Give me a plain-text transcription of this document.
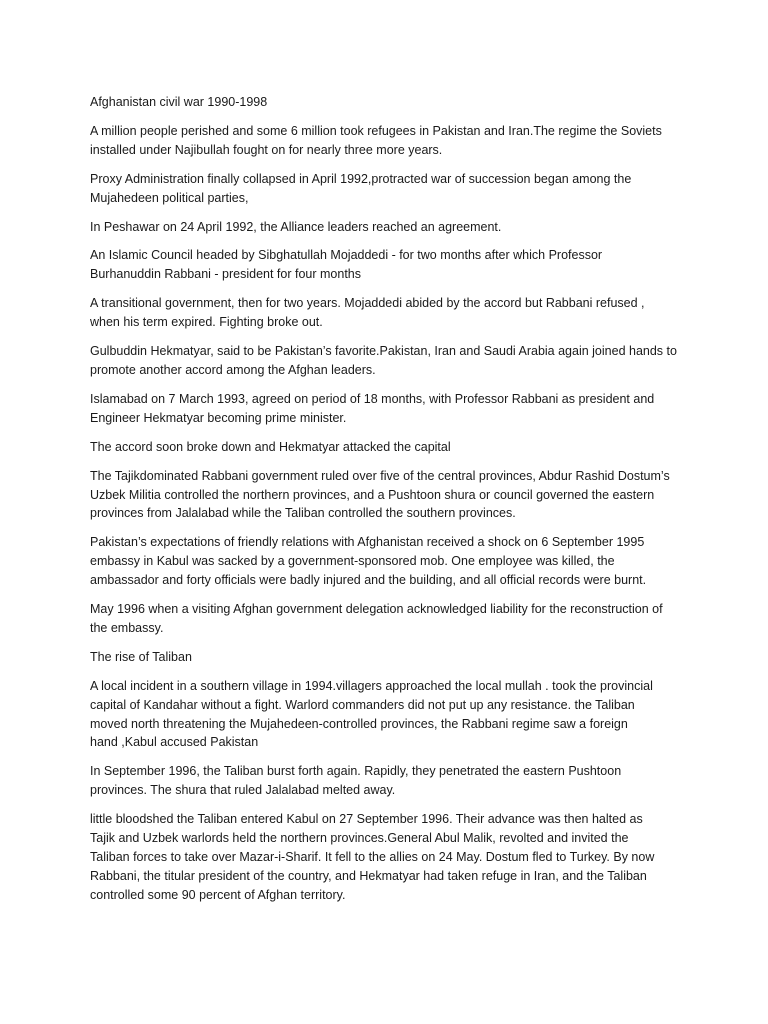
Afghanistan civil war 1990-1998

A million people perished and some 6 million took refugees in Pakistan and Iran.The regime the Soviets
installed under Najibullah fought on for nearly three more years.

Proxy Administration finally collapsed in April 1992,protracted war of succession began among the
Mujahedeen political parties,

In Peshawar on 24 April 1992, the Alliance leaders reached an agreement.

An Islamic Council headed by Sibghatullah Mojaddedi - for two months after which Professor
Burhanuddin Rabbani - president for four months

A transitional government, then for two years. Mojaddedi abided by the accord but Rabbani refused ,
when his term expired. Fighting broke out.

Gulbuddin Hekmatyar, said to be Pakistan’s favorite.Pakistan, Iran and Saudi Arabia again joined hands to
promote another accord among the Afghan leaders.

Islamabad on 7 March 1993, agreed on period of 18 months, with Professor Rabbani as president and
Engineer Hekmatyar becoming prime minister.

The accord soon broke down and Hekmatyar attacked the capital

The Tajikdominated Rabbani government ruled over five of the central provinces, Abdur Rashid Dostum’s
Uzbek Militia controlled the northern provinces, and a Pushtoon shura or council governed the eastern
provinces from Jalalabad while the Taliban controlled the southern provinces.

Pakistan’s expectations of friendly relations with Afghanistan received a shock on 6 September 1995
embassy in Kabul was sacked by a government-sponsored mob. One employee was killed, the
ambassador and forty officials were badly injured and the building, and all official records were burnt.

May 1996 when a visiting Afghan government delegation acknowledged liability for the reconstruction of
the embassy.

The rise of Taliban

A local incident in a southern village in 1994.villagers approached the local mullah . took the provincial
capital of Kandahar without a fight. Warlord commanders did not put up any resistance. the Taliban
moved north threatening the Mujahedeen-controlled provinces, the Rabbani regime saw a foreign
hand ,Kabul accused Pakistan

In September 1996, the Taliban burst forth again. Rapidly, they penetrated the eastern Pushtoon
provinces. The shura that ruled Jalalabad melted away.

little bloodshed the Taliban entered Kabul on 27 September 1996. Their advance was then halted as
Tajik and Uzbek warlords held the northern provinces.General Abul Malik, revolted and invited the
Taliban forces to take over Mazar-i-Sharif. It fell to the allies on 24 May. Dostum fled to Turkey. By now
Rabbani, the titular president of the country, and Hekmatyar had taken refuge in Iran, and the Taliban
controlled some 90 percent of Afghan territory.
